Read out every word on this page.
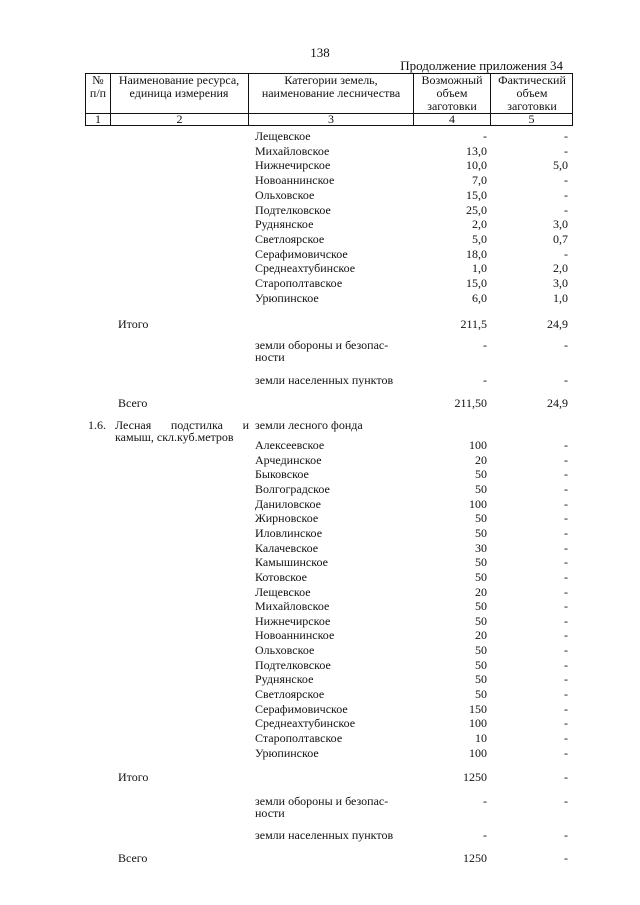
138
Продолжение приложения 34
№ п/п
Наименование ресурса, единица измерения
Категории земель, наименование лесничества
Возможный объем заготовки
Фактический объем заготовки
1	2	3	4	5
Лещевское	-	-
Михайловское	13,0	-
Нижнечирское	10,0	5,0
Новоаннинское	7,0	-
Ольховское	15,0	-
Подтелковское	25,0	-
Руднянское	2,0	3,0
Светлоярское	5,0	0,7
Серафимовичское	18,0	-
Среднеахтубинское	1,0	2,0
Старополтавское	15,0	3,0
Урюпинское	6,0	1,0
Итого	211,5	24,9
земли обороны и безопас-
ности
-	-
земли населенных пунктов	-	-
Всего	211,50	24,9
1.6. Лесная подстилка и
камыш, скл.куб.метров
земли лесного фонда
Алексеевское	100	-
Арчединское	20	-
Быковское	50	-
Волгоградское	50	-
Даниловское	100	-
Жирновское	50	-
Иловлинское	50	-
Калачевское	30	-
Камышинское	50	-
Котовское	50	-
Лещевское	20	-
Михайловское	50	-
Нижнечирское	50	-
Новоаннинское	20	-
Ольховское	50	-
Подтелковское	50	-
Руднянское	50	-
Светлоярское	50	-
Серафимовичское	150	-
Среднеахтубинское	100	-
Старополтавское	10	-
Урюпинское	100	-
Итого	1250	-
земли обороны и безопас-
ности
-	-
земли населенных пунктов	-	-
Всего	1250	-
